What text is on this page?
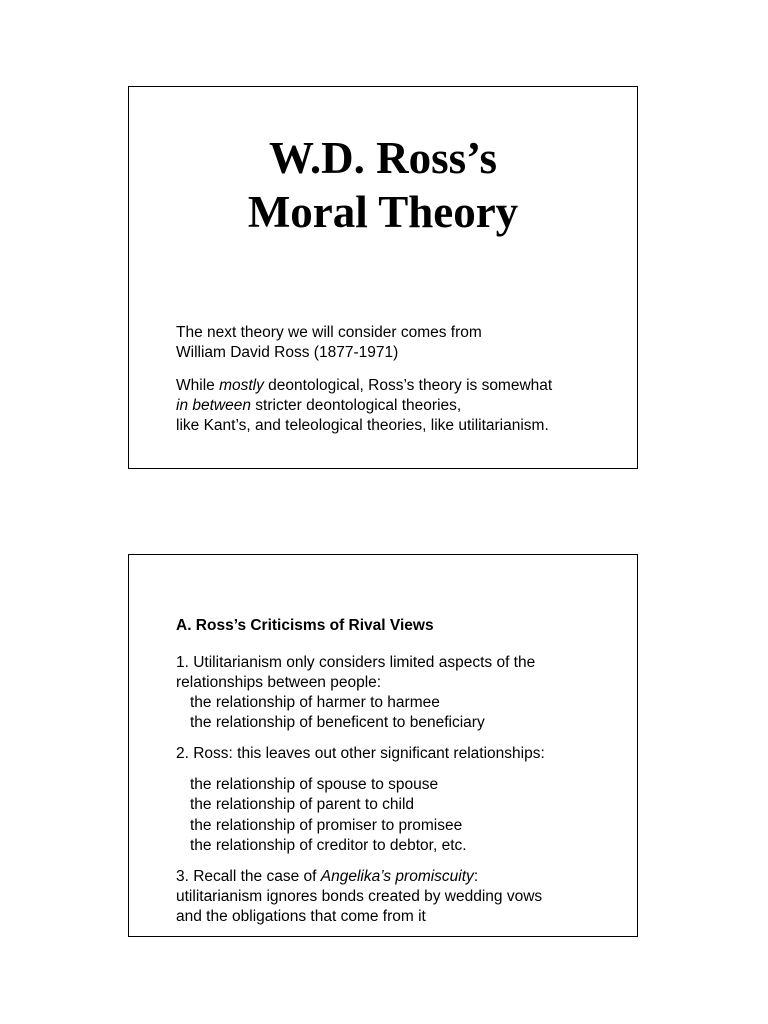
W.D. Ross’s
Moral Theory

The next theory we will consider comes from

William David Ross (1877-1971)

While mostly deontological, Ross’s theory is somewhat

in between stricter deontological theories,

like Kant’s, and teleological theories, like utilitarianism.

A. Ross’s Criticisms of Rival Views
1. Utilitarianism only considers limited aspects of the
relationships between people:
the relationship of harmer to harmee
the relationship of beneficent to beneficiary
2. Ross: this leaves out other significant relationships:
the relationship of spouse to spouse
the relationship of parent to child
the relationship of promiser to promisee
the relationship of creditor to debtor, etc.
3. Recall the case of Angelika’s promiscuity:
utilitarianism ignores bonds created by wedding vows
and the obligations that come from it
